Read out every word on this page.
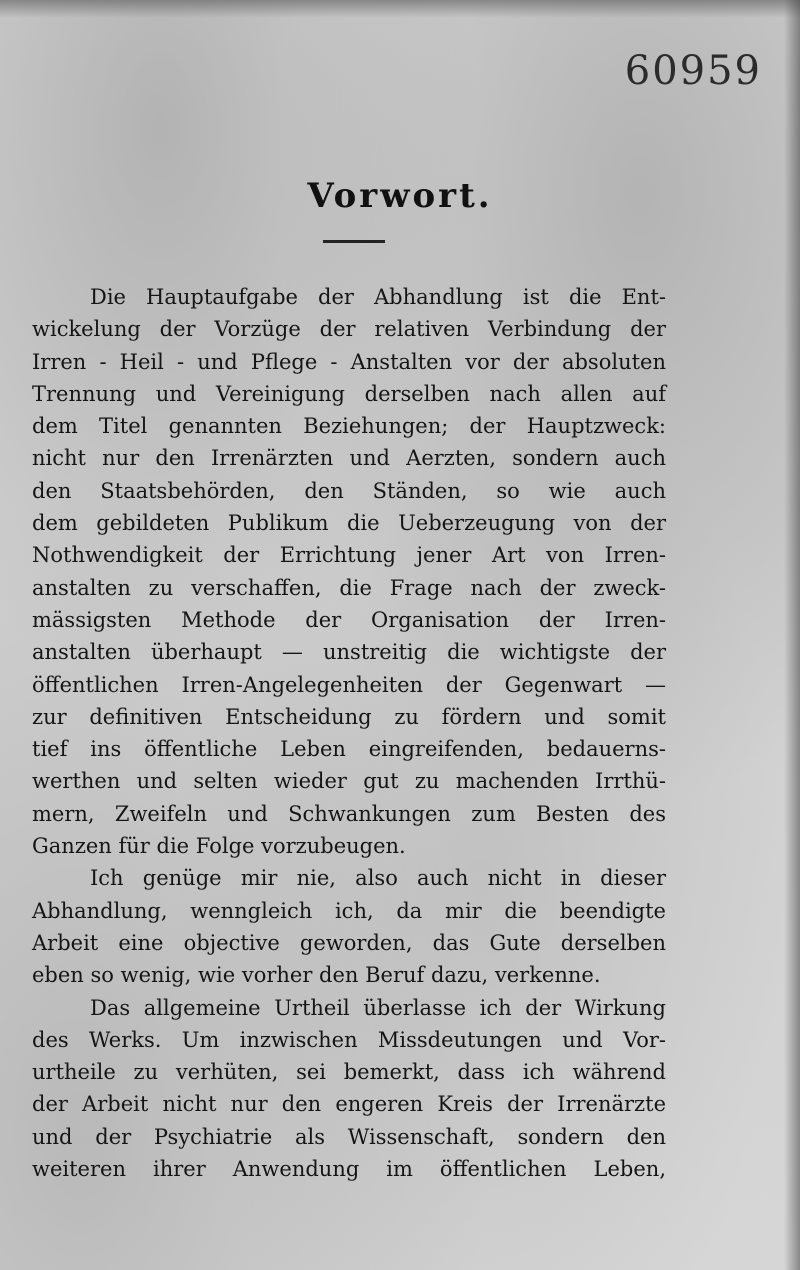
60959
Vorwort.
Die Hauptaufgabe der Abhandlung ist die Ent-
wickelung der Vorzüge der relativen Verbindung der
Irren - Heil - und Pflege - Anstalten vor der absoluten
Trennung und Vereinigung derselben nach allen auf
dem Titel genannten Beziehungen; der Hauptzweck:
nicht nur den Irrenärzten und Aerzten, sondern auch
den Staatsbehörden, den Ständen, so wie auch
dem gebildeten Publikum die Ueberzeugung von der
Nothwendigkeit der Errichtung jener Art von Irren-
anstalten zu verschaffen, die Frage nach der zweck-
mässigsten Methode der Organisation der Irren-
anstalten überhaupt — unstreitig die wichtigste der
öffentlichen Irren-Angelegenheiten der Gegenwart —
zur definitiven Entscheidung zu fördern und somit
tief ins öffentliche Leben eingreifenden, bedauerns-
werthen und selten wieder gut zu machenden Irrthü-
mern, Zweifeln und Schwankungen zum Besten des
Ganzen für die Folge vorzubeugen.
Ich genüge mir nie, also auch nicht in dieser
Abhandlung, wenngleich ich, da mir die beendigte
Arbeit eine objective geworden, das Gute derselben
eben so wenig, wie vorher den Beruf dazu, verkenne.
Das allgemeine Urtheil überlasse ich der Wirkung
des Werks. Um inzwischen Missdeutungen und Vor-
urtheile zu verhüten, sei bemerkt, dass ich während
der Arbeit nicht nur den engeren Kreis der Irrenärzte
und der Psychiatrie als Wissenschaft, sondern den
weiteren ihrer Anwendung im öffentlichen Leben,
